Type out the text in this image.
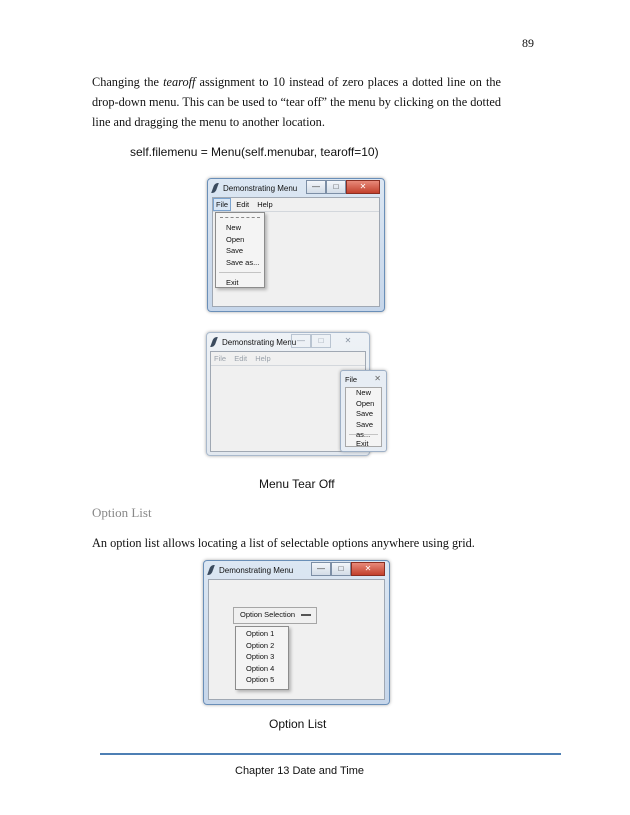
89
Changing the tearoff assignment to 10 instead of zero places a dotted line on the drop-down menu. This can be used to “tear off” the menu by clicking on the dotted line and dragging the menu to another location.
self.filemenu = Menu(self.menubar, tearoff=10)
Demonstrating Menu	—	□	✕
File Edit Help
New
Open
Save
Save as...
Exit
Demonstrating Menu —	□	✕
File Edit Help
File	✕
New
Open
Save
Save as...
Exit
Menu Tear Off
Option List
An option list allows locating a list of selectable options anywhere using grid.
Demonstrating Menu	—	□	✕
Option Selection
Option 1
Option 2
Option 3
Option 4
Option 5
Option List
Chapter 13 Date and Time
